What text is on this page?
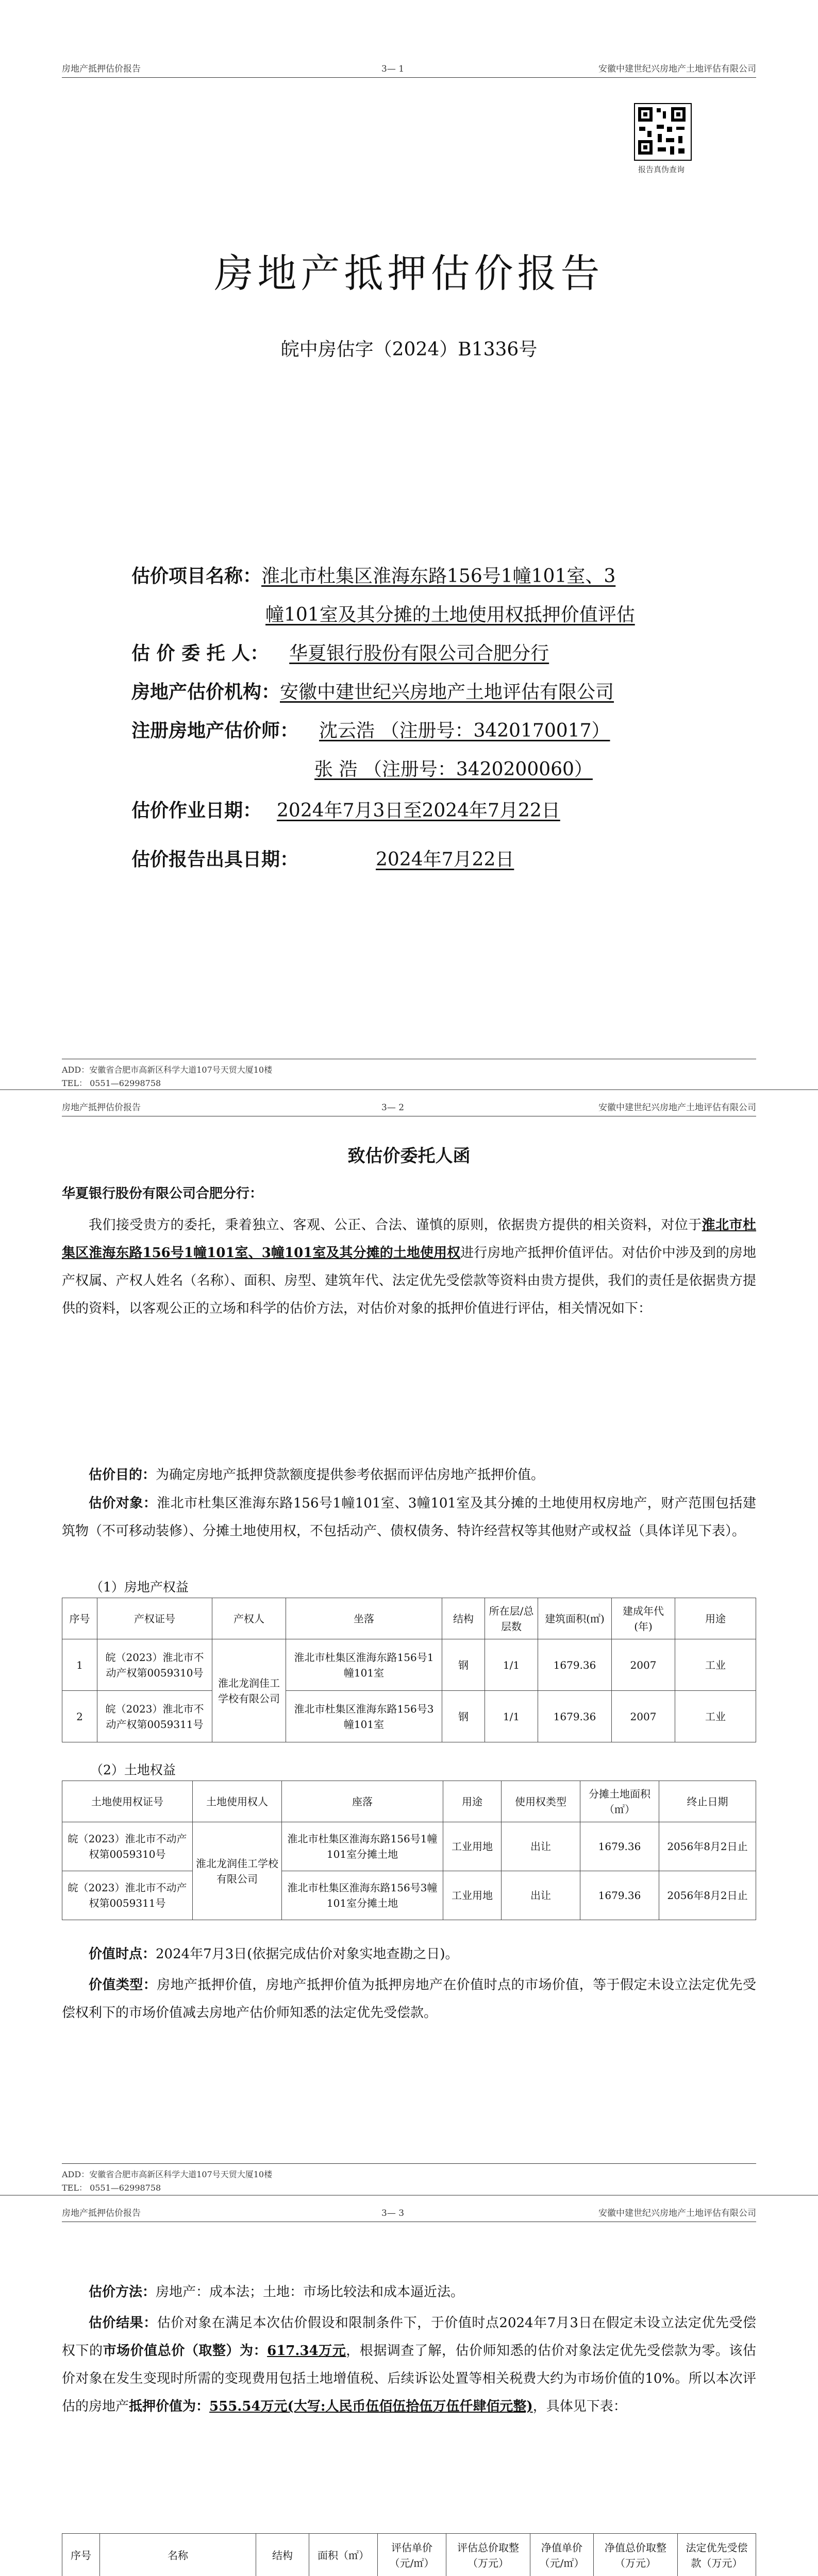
房地产抵押估价报告	3— 1	安徽中建世纪兴房地产土地评估有限公司
报告真伪查询
房地产抵押估价报告
皖中房估字（2024）B1336号
估价项目名称：淮北市杜集区淮海东路156号1幢101室、3
幢101室及其分摊的土地使用权抵押价值评估
估 价 委 托 人： 华夏银行股份有限公司合肥分行
房地产估价机构：安徽中建世纪兴房地产土地评估有限公司
注册房地产估价师： 沈云浩 （注册号：3420170017）
张 浩 （注册号：3420200060）
估价作业日期： 2024年7月3日至2024年7月22日
估价报告出具日期：	2024年7月22日
ADD：安徽省合肥市高新区科学大道107号天贸大厦10楼
TEL： 0551—62998758
房地产抵押估价报告	3— 2	安徽中建世纪兴房地产土地评估有限公司
致估价委托人函
华夏银行股份有限公司合肥分行：
我们接受贵方的委托，秉着独立、客观、公正、合法、谨慎的原则，依据贵方提供的相关资料，对位于淮北市杜集区淮海东路156号1幢101室、3幢101室及其分摊的土地使用权进行房地产抵押价值评估。对估价中涉及到的房地产权属、产权人姓名（名称）、面积、房型、建筑年代、法定优先受偿款等资料由贵方提供，我们的责任是依据贵方提供的资料，以客观公正的立场和科学的估价方法，对估价对象的抵押价值进行评估，相关情况如下：
估价目的：为确定房地产抵押贷款额度提供参考依据而评估房地产抵押价值。
估价对象：淮北市杜集区淮海东路156号1幢101室、3幢101室及其分摊的土地使用权房地产，财产范围包括建筑物（不可移动装修）、分摊土地使用权，不包括动产、债权债务、特许经营权等其他财产或权益（具体详见下表）。
（1）房地产权益
序号	产权证号	产权人	坐落	结构	所在层/总层数	建筑面积(㎡)	建成年代(年)	用途
1	皖（2023）淮北市不动产权第0059310号	淮北龙润佳工学校有限公司	淮北市杜集区淮海东路156号1幢101室	钢	1/1	1679.36	2007	工业
2	皖（2023）淮北市不动产权第0059311号		淮北市杜集区淮海东路156号3幢101室	钢	1/1	1679.36	2007	工业
（2）土地权益
土地使用权证号	土地使用权人	座落	用途	使用权类型	分摊土地面积（㎡）	终止日期
皖（2023）淮北市不动产权第0059310号	淮北龙润佳工学校有限公司	淮北市杜集区淮海东路156号1幢101室分摊土地	工业用地	出让	1679.36	2056年8月2日止
皖（2023）淮北市不动产权第0059311号		淮北市杜集区淮海东路156号3幢101室分摊土地	工业用地	出让	1679.36	2056年8月2日止
价值时点：2024年7月3日(依据完成估价对象实地查勘之日)。
价值类型：房地产抵押价值，房地产抵押价值为抵押房地产在价值时点的市场价值，等于假定未设立法定优先受偿权利下的市场价值减去房地产估价师知悉的法定优先受偿款。
ADD：安徽省合肥市高新区科学大道107号天贸大厦10楼
TEL： 0551—62998758
房地产抵押估价报告	3— 3	安徽中建世纪兴房地产土地评估有限公司
估价方法：房地产：成本法；土地：市场比较法和成本逼近法。
估价结果：估价对象在满足本次估价假设和限制条件下，于价值时点2024年7月3日在假定未设立法定优先受偿权下的市场价值总价（取整）为：617.34万元，根据调查了解，估价师知悉的估价对象法定优先受偿款为零。该估价对象在发生变现时所需的变现费用包括土地增值税、后续诉讼处置等相关税费大约为市场价值的10%。所以本次评估的房地产抵押价值为：555.54万元(大写:人民币伍佰伍拾伍万伍仟肆佰元整)，具体见下表：
序号	名称	结构	面积（㎡）	评估单价（元/㎡）	评估总价取整（万元）	净值单价（元/㎡）	净值总价取整（万元）	法定优先受偿款（万元）
